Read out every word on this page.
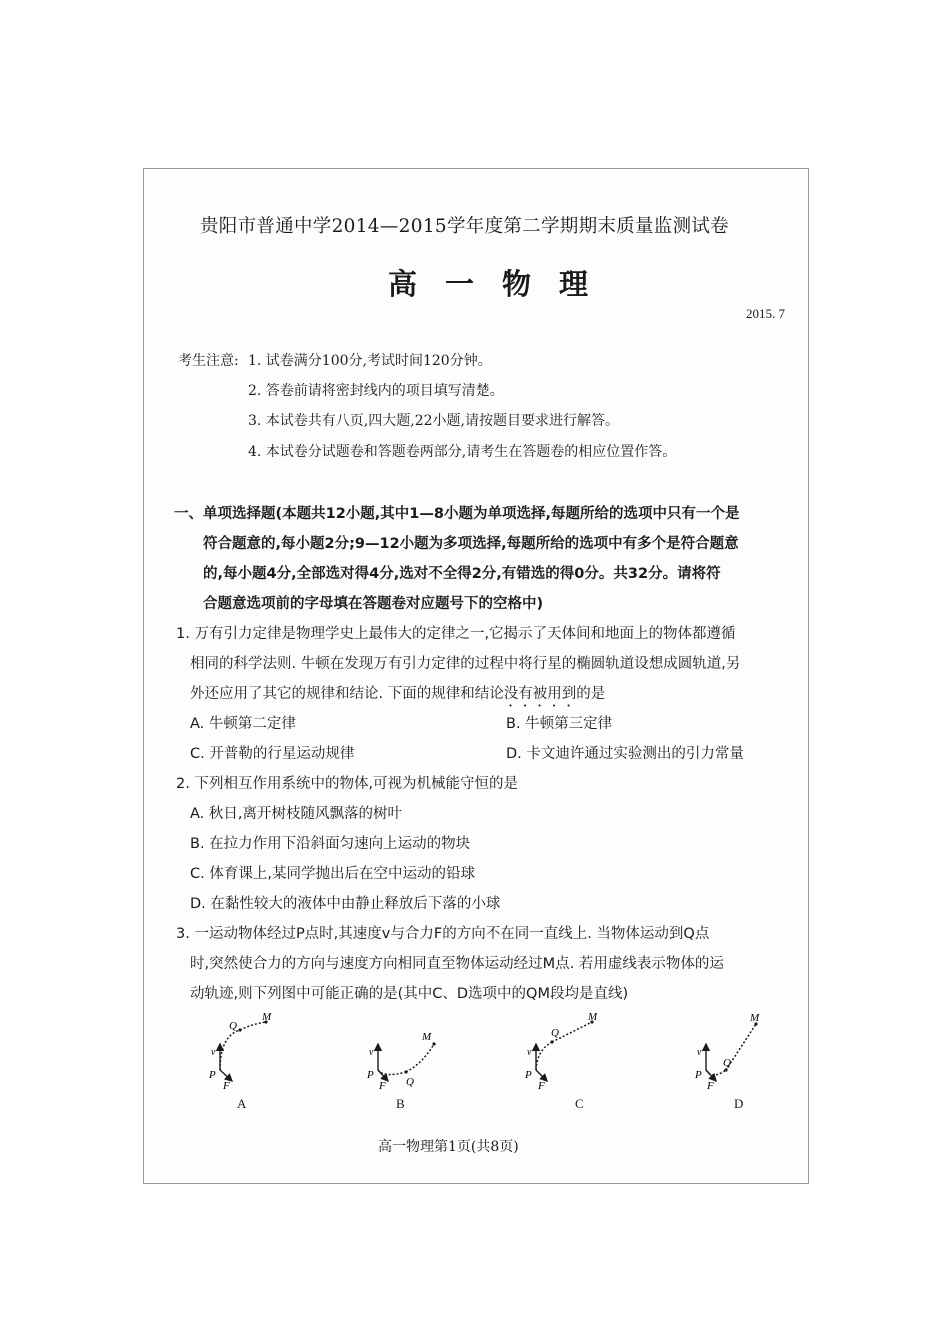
贵阳市普通中学2014—2015学年度第二学期期末质量监测试卷
高一物理
2015. 7
考生注意: 1. 试卷满分100分,考试时间120分钟。
2. 答卷前请将密封线内的项目填写清楚。
3. 本试卷共有八页,四大题,22小题,请按题目要求进行解答。
4. 本试卷分试题卷和答题卷两部分,请考生在答题卷的相应位置作答。
一、单项选择题(本题共12小题,其中1—8小题为单项选择,每题所给的选项中只有一个是
符合题意的,每小题2分;9—12小题为多项选择,每题所给的选项中有多个是符合题意
的,每小题4分,全部选对得4分,选对不全得2分,有错选的得0分。共32分。请将符
合题意选项前的字母填在答题卷对应题号下的空格中)
1. 万有引力定律是物理学史上最伟大的定律之一,它揭示了天体间和地面上的物体都遵循
相同的科学法则. 牛顿在发现万有引力定律的过程中将行星的椭圆轨道设想成圆轨道,另
外还应用了其它的规律和结论. 下面的规律和结论没有被用到的是
A. 牛顿第二定律	B. 牛顿第三定律
C. 开普勒的行星运动规律	D. 卡文迪许通过实验测出的引力常量
2. 下列相互作用系统中的物体,可视为机械能守恒的是
A. 秋日,离开树枝随风飘落的树叶
B. 在拉力作用下沿斜面匀速向上运动的物块
C. 体育课上,某同学抛出后在空中运动的铅球
D. 在黏性较大的液体中由静止释放后下落的小球
3. 一运动物体经过P点时,其速度v与合力F的方向不在同一直线上. 当物体运动到Q点
时,突然使合力的方向与速度方向相同直至物体运动经过M点. 若用虚线表示物体的运
动轨迹,则下列图中可能正确的是(其中C、D选项中的QM段均是直线)
P
v
F
Q
M
P
v
F Q
M
P
v
F
Q
M
P
v
F
Q
M
A	B	C	D
高一物理第1页(共8页)
